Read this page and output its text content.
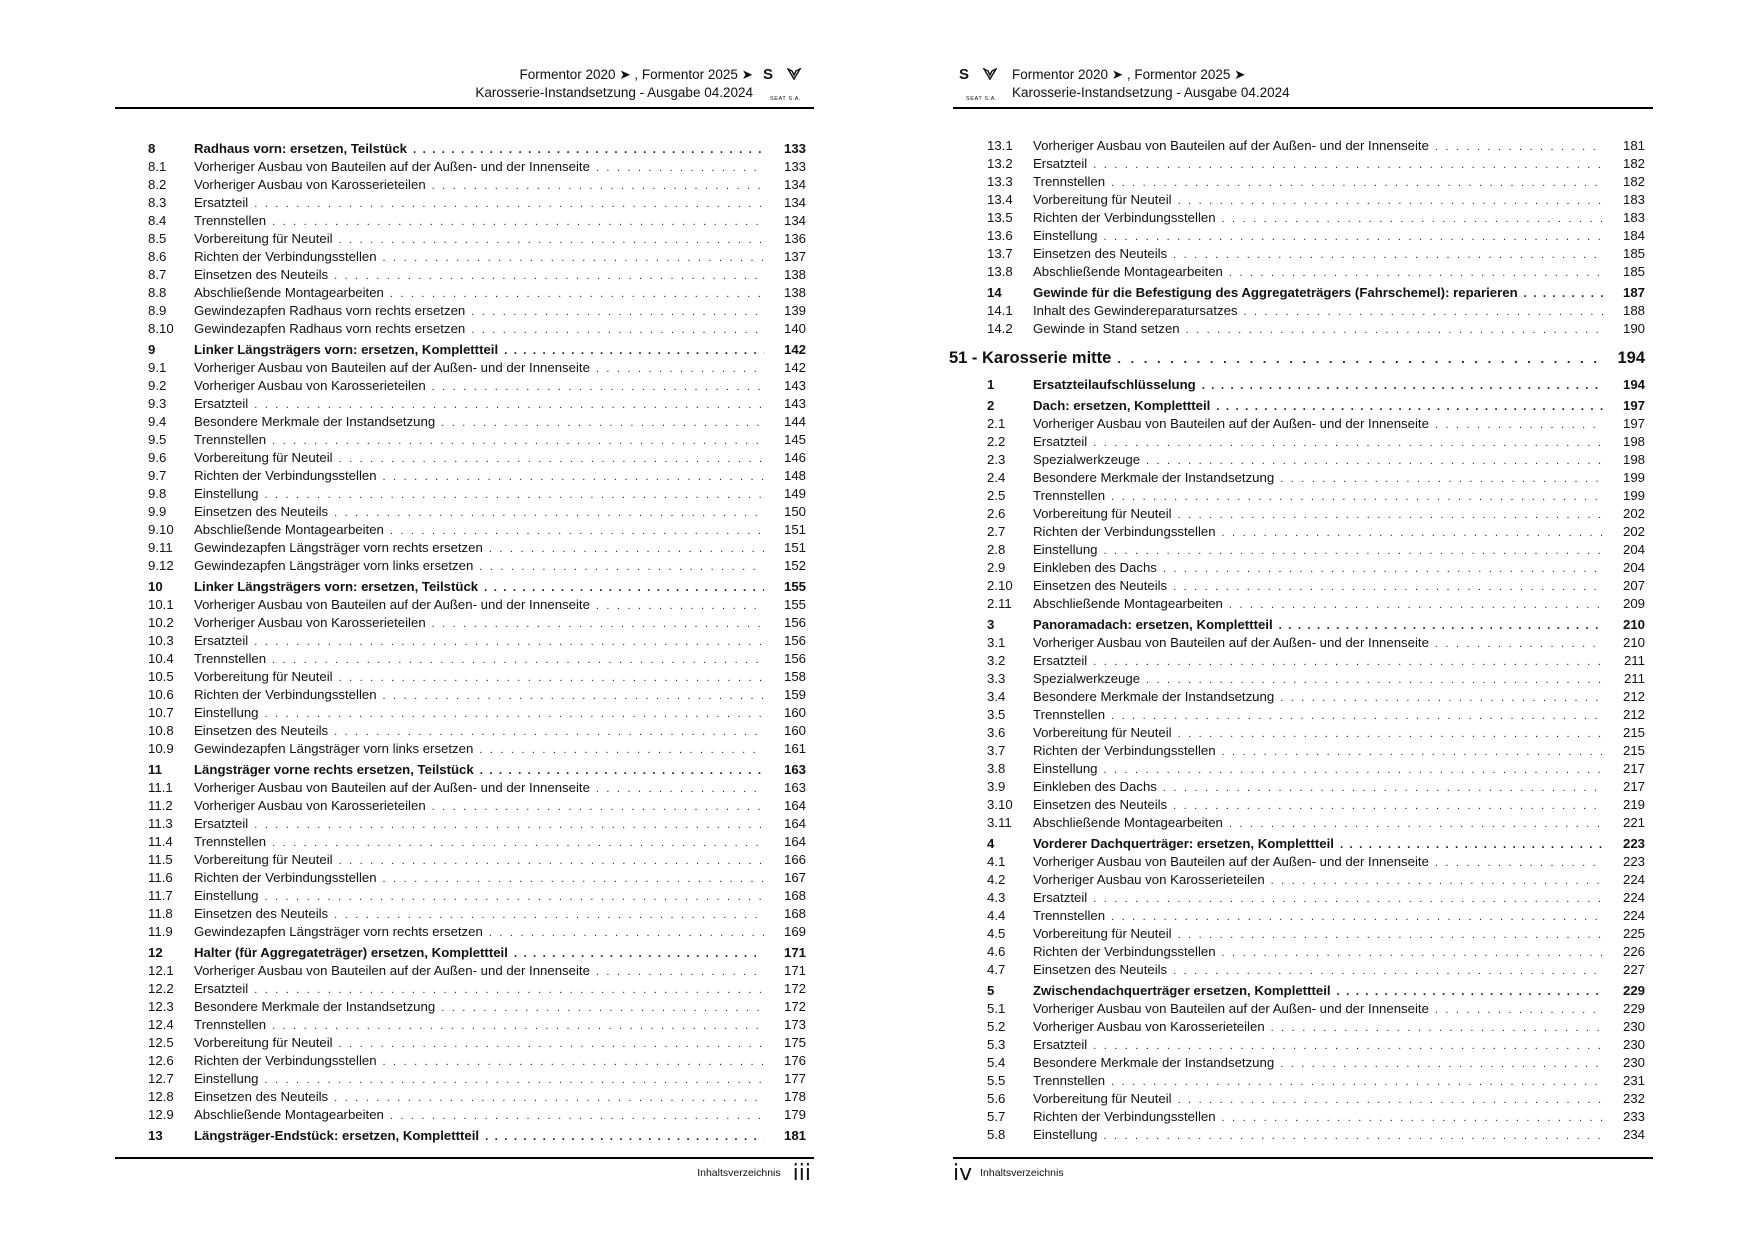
Formentor 2020 ➤ , Formentor 2025 ➤
Karosserie-Instandsetzung - Ausgabe 04.2024
S
SEAT S.A.
8	Radhaus vorn: ersetzen, Teilstück . . .	133
8.1	Vorheriger Ausbau von Bauteilen auf der Außen- und der Innenseite . . .	133
8.2	Vorheriger Ausbau von Karosserieteilen . . .	134
8.3	Ersatzteil . . .	134
8.4	Trennstellen . . .	134
8.5	Vorbereitung für Neuteil . . .	136
8.6	Richten der Verbindungsstellen . . .	137
8.7	Einsetzen des Neuteils . . .	138
8.8	Abschließende Montagearbeiten . . .	138
8.9	Gewindezapfen Radhaus vorn rechts ersetzen . . .	139
8.10	Gewindezapfen Radhaus vorn rechts ersetzen . . .	140
9	Linker Längsträgers vorn: ersetzen, Komplettteil . . .	142
9.1	Vorheriger Ausbau von Bauteilen auf der Außen- und der Innenseite . . .	142
9.2	Vorheriger Ausbau von Karosserieteilen . . .	143
9.3	Ersatzteil . . .	143
9.4	Besondere Merkmale der Instandsetzung . . .	144
9.5	Trennstellen . . .	145
9.6	Vorbereitung für Neuteil . . .	146
9.7	Richten der Verbindungsstellen . . .	148
9.8	Einstellung . . .	149
9.9	Einsetzen des Neuteils . . .	150
9.10	Abschließende Montagearbeiten . . .	151
9.11	Gewindezapfen Längsträger vorn rechts ersetzen . . .	151
9.12	Gewindezapfen Längsträger vorn links ersetzen . . .	152
10	Linker Längsträgers vorn: ersetzen, Teilstück . . .	155
10.1	Vorheriger Ausbau von Bauteilen auf der Außen- und der Innenseite . . .	155
10.2	Vorheriger Ausbau von Karosserieteilen . . .	156
10.3	Ersatzteil . . .	156
10.4	Trennstellen . . .	156
10.5	Vorbereitung für Neuteil . . .	158
10.6	Richten der Verbindungsstellen . . .	159
10.7	Einstellung . . .	160
10.8	Einsetzen des Neuteils . . .	160
10.9	Gewindezapfen Längsträger vorn links ersetzen . . .	161
11	Längsträger vorne rechts ersetzen, Teilstück . . .	163
11.1	Vorheriger Ausbau von Bauteilen auf der Außen- und der Innenseite . . .	163
11.2	Vorheriger Ausbau von Karosserieteilen . . .	164
11.3	Ersatzteil . . .	164
11.4	Trennstellen . . .	164
11.5	Vorbereitung für Neuteil . . .	166
11.6	Richten der Verbindungsstellen . . .	167
11.7	Einstellung . . .	168
11.8	Einsetzen des Neuteils . . .	168
11.9	Gewindezapfen Längsträger vorn rechts ersetzen . . .	169
12	Halter (für Aggregateträger) ersetzen, Komplettteil . . .	171
12.1	Vorheriger Ausbau von Bauteilen auf der Außen- und der Innenseite . . .	171
12.2	Ersatzteil . . .	172
12.3	Besondere Merkmale der Instandsetzung . . .	172
12.4	Trennstellen . . .	173
12.5	Vorbereitung für Neuteil . . .	175
12.6	Richten der Verbindungsstellen . . .	176
12.7	Einstellung . . .	177
12.8	Einsetzen des Neuteils . . .	178
12.9	Abschließende Montagearbeiten . . .	179
13	Längsträger-Endstück: ersetzen, Komplettteil . . .	181
$^{Inhaltsverzeichnis}$ iii
S
SEAT S.A.
Formentor 2020 ➤ , Formentor 2025 ➤
Karosserie-Instandsetzung - Ausgabe 04.2024
13.1	Vorheriger Ausbau von Bauteilen auf der Außen- und der Innenseite . . .	181
13.2	Ersatzteil . . .	182
13.3	Trennstellen . . .	182
13.4	Vorbereitung für Neuteil . . .	183
13.5	Richten der Verbindungsstellen . . .	183
13.6	Einstellung . . .	184
13.7	Einsetzen des Neuteils . . .	185
13.8	Abschließende Montagearbeiten . . .	185
14	Gewinde für die Befestigung des Aggregateträgers (Fahrschemel): reparieren . . .	187
14.1	Inhalt des Gewindereparatursatzes . . .	188
14.2	Gewinde in Stand setzen . . .	190
51 - Karosserie mitte . . .	194
1	Ersatzteilaufschlüsselung . . .	194
2	Dach: ersetzen, Komplettteil . . .	197
2.1	Vorheriger Ausbau von Bauteilen auf der Außen- und der Innenseite . . .	197
2.2	Ersatzteil . . .	198
2.3	Spezialwerkzeuge . . .	198
2.4	Besondere Merkmale der Instandsetzung . . .	199
2.5	Trennstellen . . .	199
2.6	Vorbereitung für Neuteil . . .	202
2.7	Richten der Verbindungsstellen . . .	202
2.8	Einstellung . . .	204
2.9	Einkleben des Dachs . . .	204
2.10	Einsetzen des Neuteils . . .	207
2.11	Abschließende Montagearbeiten . . .	209
3	Panoramadach: ersetzen, Komplettteil . . .	210
3.1	Vorheriger Ausbau von Bauteilen auf der Außen- und der Innenseite . . .	210
3.2	Ersatzteil . . .	211
3.3	Spezialwerkzeuge . . .	211
3.4	Besondere Merkmale der Instandsetzung . . .	212
3.5	Trennstellen . . .	212
3.6	Vorbereitung für Neuteil . . .	215
3.7	Richten der Verbindungsstellen . . .	215
3.8	Einstellung . . .	217
3.9	Einkleben des Dachs . . .	217
3.10	Einsetzen des Neuteils . . .	219
3.11	Abschließende Montagearbeiten . . .	221
4	Vorderer Dachquerträger: ersetzen, Komplettteil . . .	223
4.1	Vorheriger Ausbau von Bauteilen auf der Außen- und der Innenseite . . .	223
4.2	Vorheriger Ausbau von Karosserieteilen . . .	224
4.3	Ersatzteil . . .	224
4.4	Trennstellen . . .	224
4.5	Vorbereitung für Neuteil . . .	225
4.6	Richten der Verbindungsstellen . . .	226
4.7	Einsetzen des Neuteils . . .	227
5	Zwischendachquerträger ersetzen, Komplettteil . . .	229
5.1	Vorheriger Ausbau von Bauteilen auf der Außen- und der Innenseite . . .	229
5.2	Vorheriger Ausbau von Karosserieteilen . . .	230
5.3	Ersatzteil . . .	230
5.4	Besondere Merkmale der Instandsetzung . . .	230
5.5	Trennstellen . . .	231
5.6	Vorbereitung für Neuteil . . .	232
5.7	Richten der Verbindungsstellen . . .	233
5.8	Einstellung . . .	234
iv $^{Inhaltsverzeichnis}$
